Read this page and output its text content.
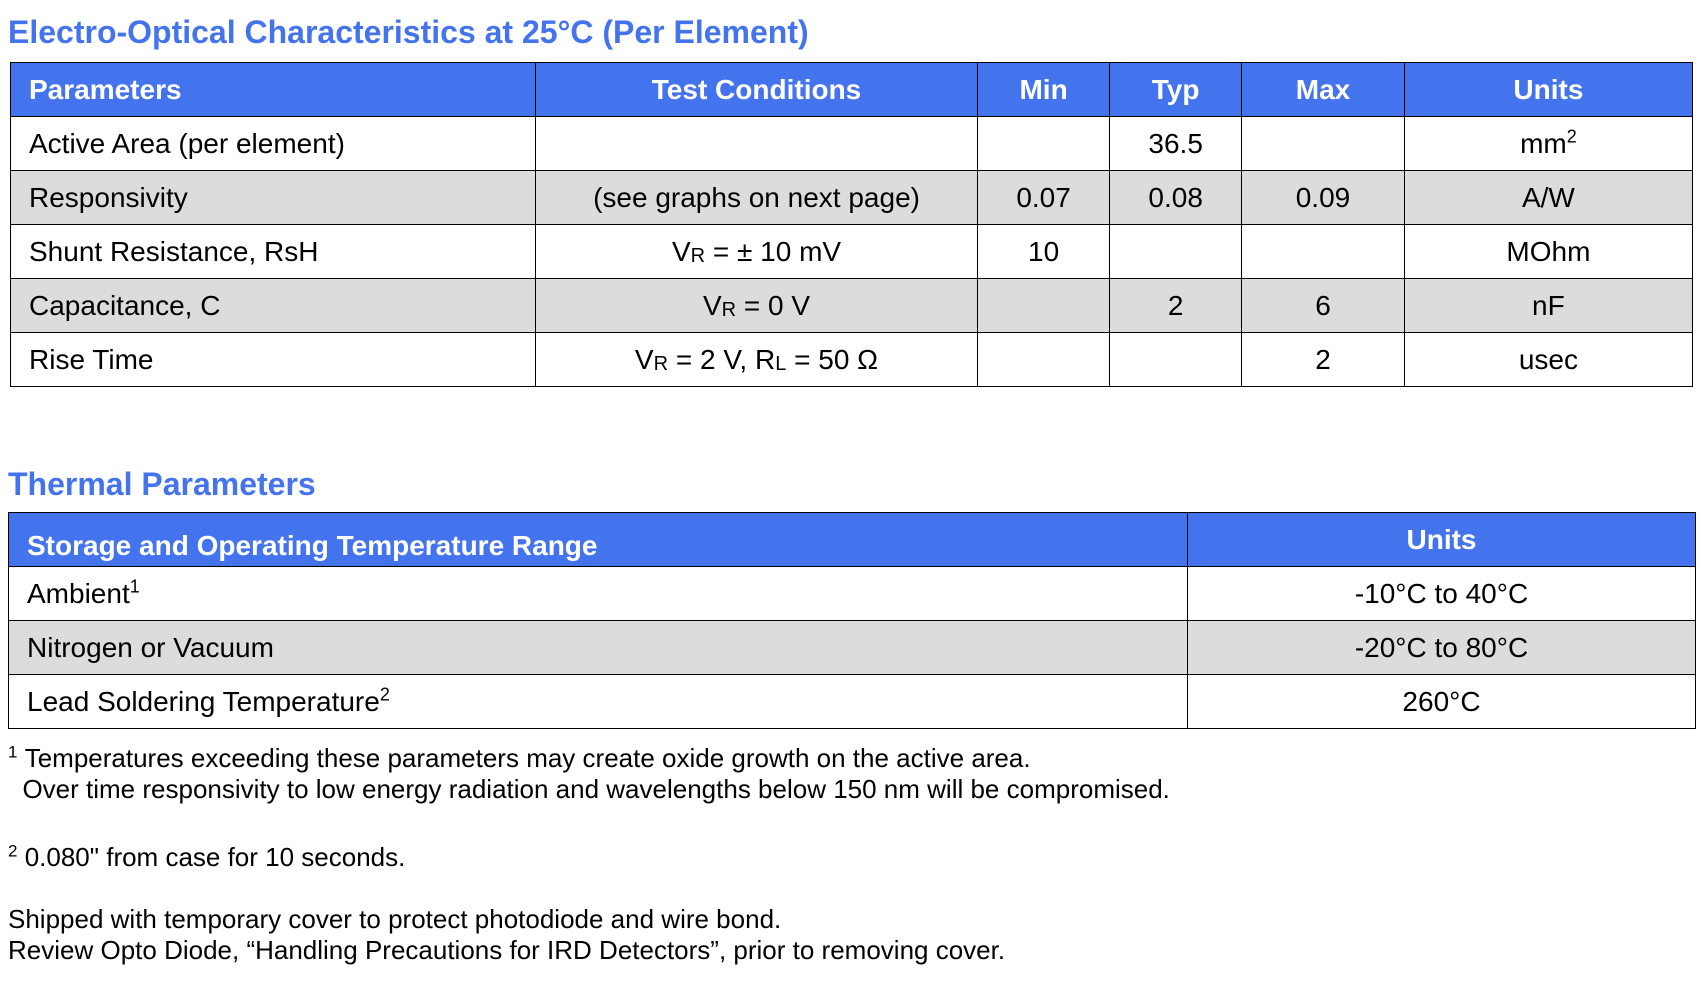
Electro-Optical Characteristics at 25°C (Per Element)
Parameters	Test Conditions	Min	Typ	Max	Units
Active Area (per element)			36.5		$mm^2$
Responsivity	(see graphs on next page)	0.07	0.08	0.09	A/W
Shunt Resistance, RsH	$V_R$ = ± 10 mV	10			MOhm
Capacitance, C	$V_R = 0$ V		2	6	nF
Rise Time	$V_R = 2$ V, $R_L = 50$ Ω			2	usec
Thermal Parameters
Storage and Operating Temperature Range	Units
Ambient$^1$	-10°C to 40°C
Nitrogen or Vacuum	-20°C to 80°C
Lead Soldering Temperature$^2$	260°C

$^1$ Temperatures exceeding these parameters may create oxide growth on the active area.
Over time responsivity to low energy radiation and wavelengths below 150 nm will be compromised.

$^2$ 0.080" from case for 10 seconds.

Shipped with temporary cover to protect photodiode and wire bond.
Review Opto Diode, “Handling Precautions for IRD Detectors”, prior to removing cover.
